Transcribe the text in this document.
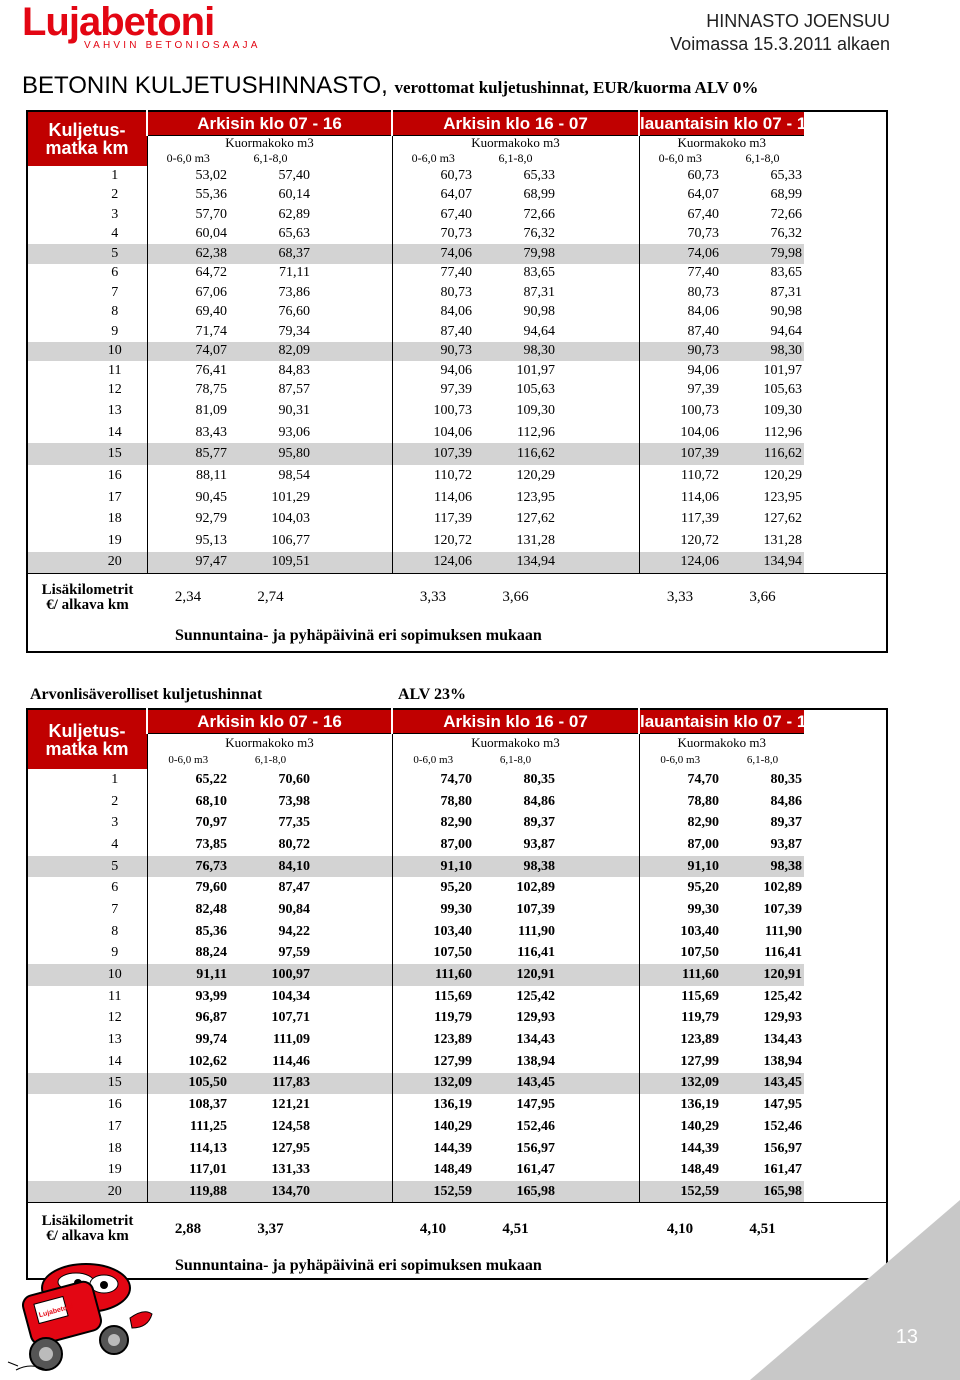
Lujabetoni
VAHVIN BETONIOSAAJA
HINNASTO JOENSUU
Voimassa 15.3.2011 alkaen
BETONIN KULJETUSHINNASTO, verottomat kuljetushinnat, EUR/kuorma ALV 0%
Kuljetus-
matka km	Arkisin klo 07 - 16			Arkisin klo 16 - 07			lauantaisin klo 07 - 16		
	Kuormakoko m3			Kuormakoko m3			Kuormakoko m3		
	0-6,0 m3	6,1-8,0		0-6,0 m3	6,1-8,0		0-6,0 m3	6,1-8,0	
1	53,02	57,40		60,73	65,33		60,73	65,33	
2	55,36	60,14		64,07	68,99		64,07	68,99	
3	57,70	62,89		67,40	72,66		67,40	72,66	
4	60,04	65,63		70,73	76,32		70,73	76,32	
5	62,38	68,37		74,06	79,98		74,06	79,98	
6	64,72	71,11		77,40	83,65		77,40	83,65	
7	67,06	73,86		80,73	87,31		80,73	87,31	
8	69,40	76,60		84,06	90,98		84,06	90,98	
9	71,74	79,34		87,40	94,64		87,40	94,64	
10	74,07	82,09		90,73	98,30		90,73	98,30	
11	76,41	84,83		94,06	101,97		94,06	101,97	
12	78,75	87,57		97,39	105,63		97,39	105,63	
13	81,09	90,31		100,73	109,30		100,73	109,30	
14	83,43	93,06		104,06	112,96		104,06	112,96	
15	85,77	95,80		107,39	116,62		107,39	116,62	
16	88,11	98,54		110,72	120,29		110,72	120,29	
17	90,45	101,29		114,06	123,95		114,06	123,95	
18	92,79	104,03		117,39	127,62		117,39	127,62	
19	95,13	106,77		120,72	131,28		120,72	131,28	
20	97,47	109,51		124,06	134,94		124,06	134,94	
Lisäkilometrit
€/ alkava km	2,34	2,74		3,33	3,66		3,33	3,66	
	Sunnuntaina- ja pyhäpäivinä eri sopimuksen mukaan								
Arvonlisäverolliset kuljetushinnat	ALV 23%
Kuljetus-
matka km	Arkisin klo 07 - 16			Arkisin klo 16 - 07			lauantaisin klo 07 - 16		
	Kuormakoko m3			Kuormakoko m3			Kuormakoko m3		
	0-6,0 m3	6,1-8,0		0-6,0 m3	6,1-8,0		0-6,0 m3	6,1-8,0	
1	65,22	70,60		74,70	80,35		74,70	80,35	
2	68,10	73,98		78,80	84,86		78,80	84,86	
3	70,97	77,35		82,90	89,37		82,90	89,37	
4	73,85	80,72		87,00	93,87		87,00	93,87	
5	76,73	84,10		91,10	98,38		91,10	98,38	
6	79,60	87,47		95,20	102,89		95,20	102,89	
7	82,48	90,84		99,30	107,39		99,30	107,39	
8	85,36	94,22		103,40	111,90		103,40	111,90	
9	88,24	97,59		107,50	116,41		107,50	116,41	
10	91,11	100,97		111,60	120,91		111,60	120,91	
11	93,99	104,34		115,69	125,42		115,69	125,42	
12	96,87	107,71		119,79	129,93		119,79	129,93	
13	99,74	111,09		123,89	134,43		123,89	134,43	
14	102,62	114,46		127,99	138,94		127,99	138,94	
15	105,50	117,83		132,09	143,45		132,09	143,45	
16	108,37	121,21		136,19	147,95		136,19	147,95	
17	111,25	124,58		140,29	152,46		140,29	152,46	
18	114,13	127,95		144,39	156,97		144,39	156,97	
19	117,01	131,33		148,49	161,47		148,49	161,47	
20	119,88	134,70		152,59	165,98		152,59	165,98	
Lisäkilometrit
€/ alkava km	2,88	3,37		4,10	4,51		4,10	4,51	
	Sunnuntaina- ja pyhäpäivinä eri sopimuksen mukaan								
13
Lujabetoni
